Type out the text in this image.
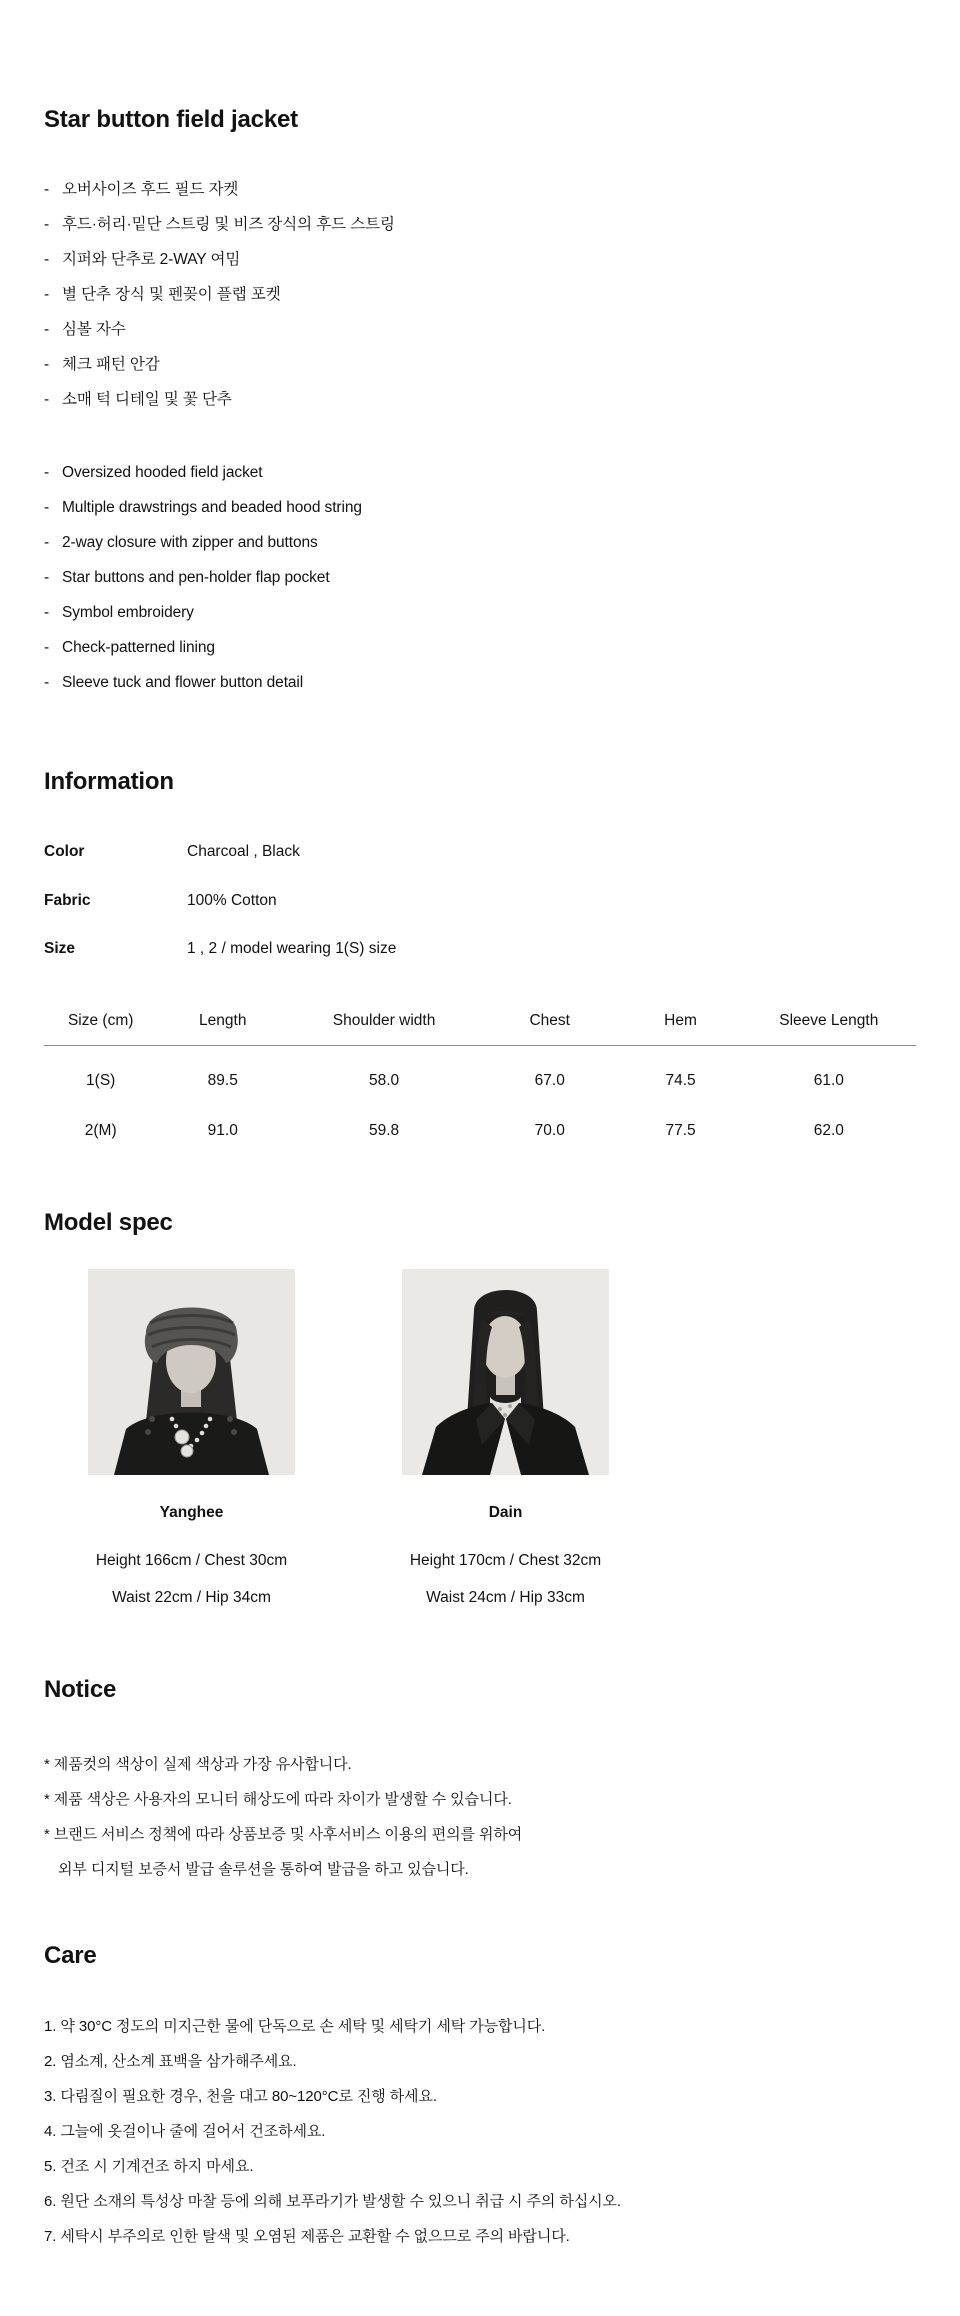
Star button field jacket
-
오버사이즈 후드 필드 자켓
-
후드·허리·밑단 스트링 및 비즈 장식의 후드 스트링
-
지퍼와 단추로 2-WAY 여밈
-
별 단추 장식 및 펜꽂이 플랩 포켓
-
심볼 자수
-
체크 패턴 안감
-
소매 턱 디테일 및 꽃 단추
-
Oversized hooded field jacket
-
Multiple drawstrings and beaded hood string
-
2-way closure with zipper and buttons
-
Star buttons and pen-holder flap pocket
-
Symbol embroidery
-
Check-patterned lining
-
Sleeve tuck and flower button detail
Information
Color	Charcoal , Black
Fabric	100% Cotton
Size	1 , 2 / model wearing 1(S) size
Size (cm)	Length	Shoulder width	Chest	Hem	Sleeve Length
1(S)	89.5	58.0	67.0	74.5	61.0
2(M)	91.0	59.8	70.0	77.5	62.0
Model spec
Yanghee
Height 166cm / Chest 30cm
Waist 22cm / Hip 34cm
Dain
Height 170cm / Chest 32cm
Waist 24cm / Hip 33cm
Notice
* 제품컷의 색상이 실제 색상과 가장 유사합니다.
* 제품 색상은 사용자의 모니터 해상도에 따라 차이가 발생할 수 있습니다.
* 브랜드 서비스 정책에 따라 상품보증 및 사후서비스 이용의 편의를 위하여
외부 디지털 보증서 발급 솔루션을 통하여 발급을 하고 있습니다.
Care
1. 약 30°C 정도의 미지근한 물에 단독으로 손 세탁 및 세탁기 세탁 가능합니다.
2. 염소계, 산소계 표백을 삼가해주세요.
3. 다림질이 필요한 경우, 천을 대고 80~120°C로 진행 하세요.
4. 그늘에 옷걸이나 줄에 걸어서 건조하세요.
5. 건조 시 기계건조 하지 마세요.
6. 원단 소재의 특성상 마찰 등에 의해 보푸라기가 발생할 수 있으니 취급 시 주의 하십시오.
7. 세탁시 부주의로 인한 탈색 및 오염된 제품은 교환할 수 없으므로 주의 바랍니다.
